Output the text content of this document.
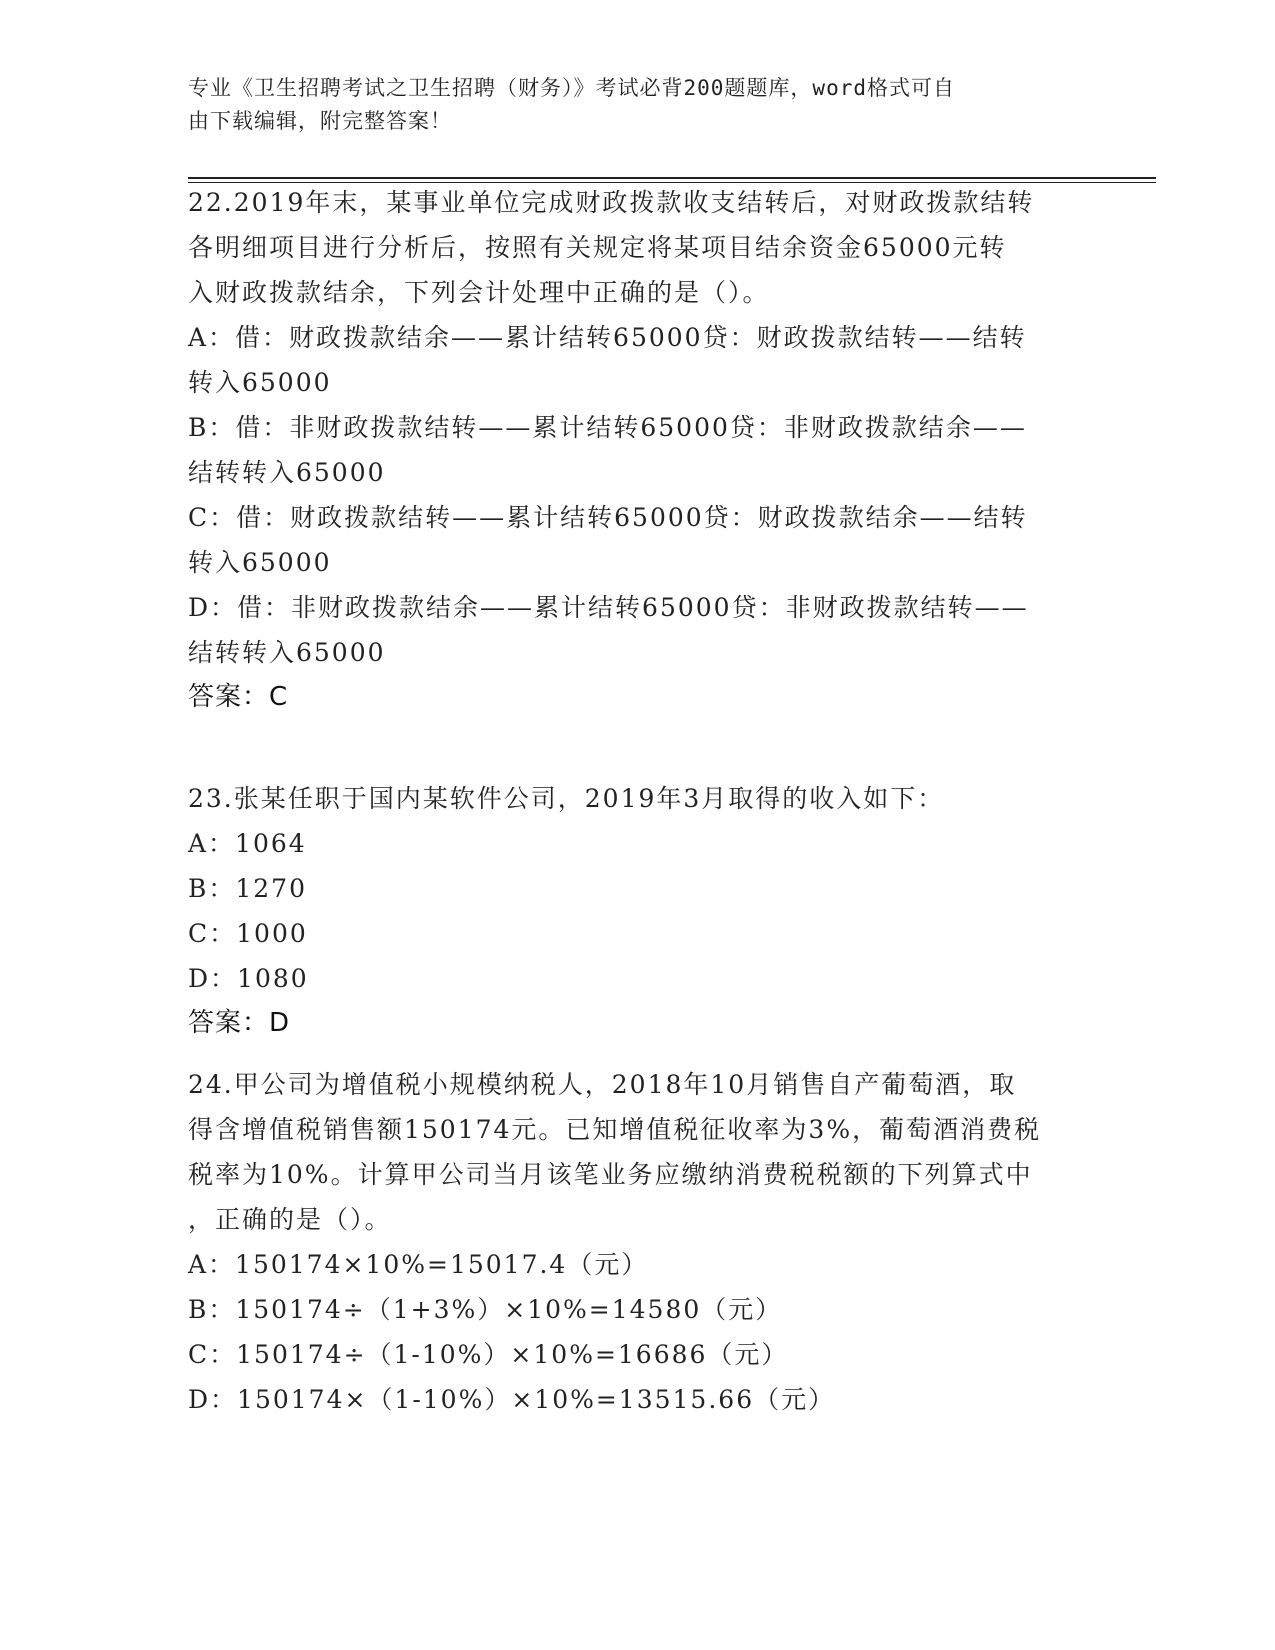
专业《卫生招聘考试之卫生招聘（财务）》考试必背200题题库，word格式可自
由下载编辑，附完整答案！
22.2019年末，某事业单位完成财政拨款收支结转后，对财政拨款结转
各明细项目进行分析后，按照有关规定将某项目结余资金65000元转
入财政拨款结余，下列会计处理中正确的是（）。
A：借：财政拨款结余——累计结转65000贷：财政拨款结转——结转
转入65000
B：借：非财政拨款结转——累计结转65000贷：非财政拨款结余——
结转转入65000
C：借：财政拨款结转——累计结转65000贷：财政拨款结余——结转
转入65000
D：借：非财政拨款结余——累计结转65000贷：非财政拨款结转——
结转转入65000
答案：C
23.张某任职于国内某软件公司，2019年3月取得的收入如下：
A：1064
B：1270
C：1000
D：1080
答案：D
24.甲公司为增值税小规模纳税人，2018年10月销售自产葡萄酒，取
得含增值税销售额150174元。已知增值税征收率为3%，葡萄酒消费税
税率为10%。计算甲公司当月该笔业务应缴纳消费税税额的下列算式中
，正确的是（）。
A：150174×10%=15017.4（元）
B：150174÷（1+3%）×10%=14580（元）
C：150174÷（1-10%）×10%=16686（元）
D：150174×（1-10%）×10%=13515.66（元）
